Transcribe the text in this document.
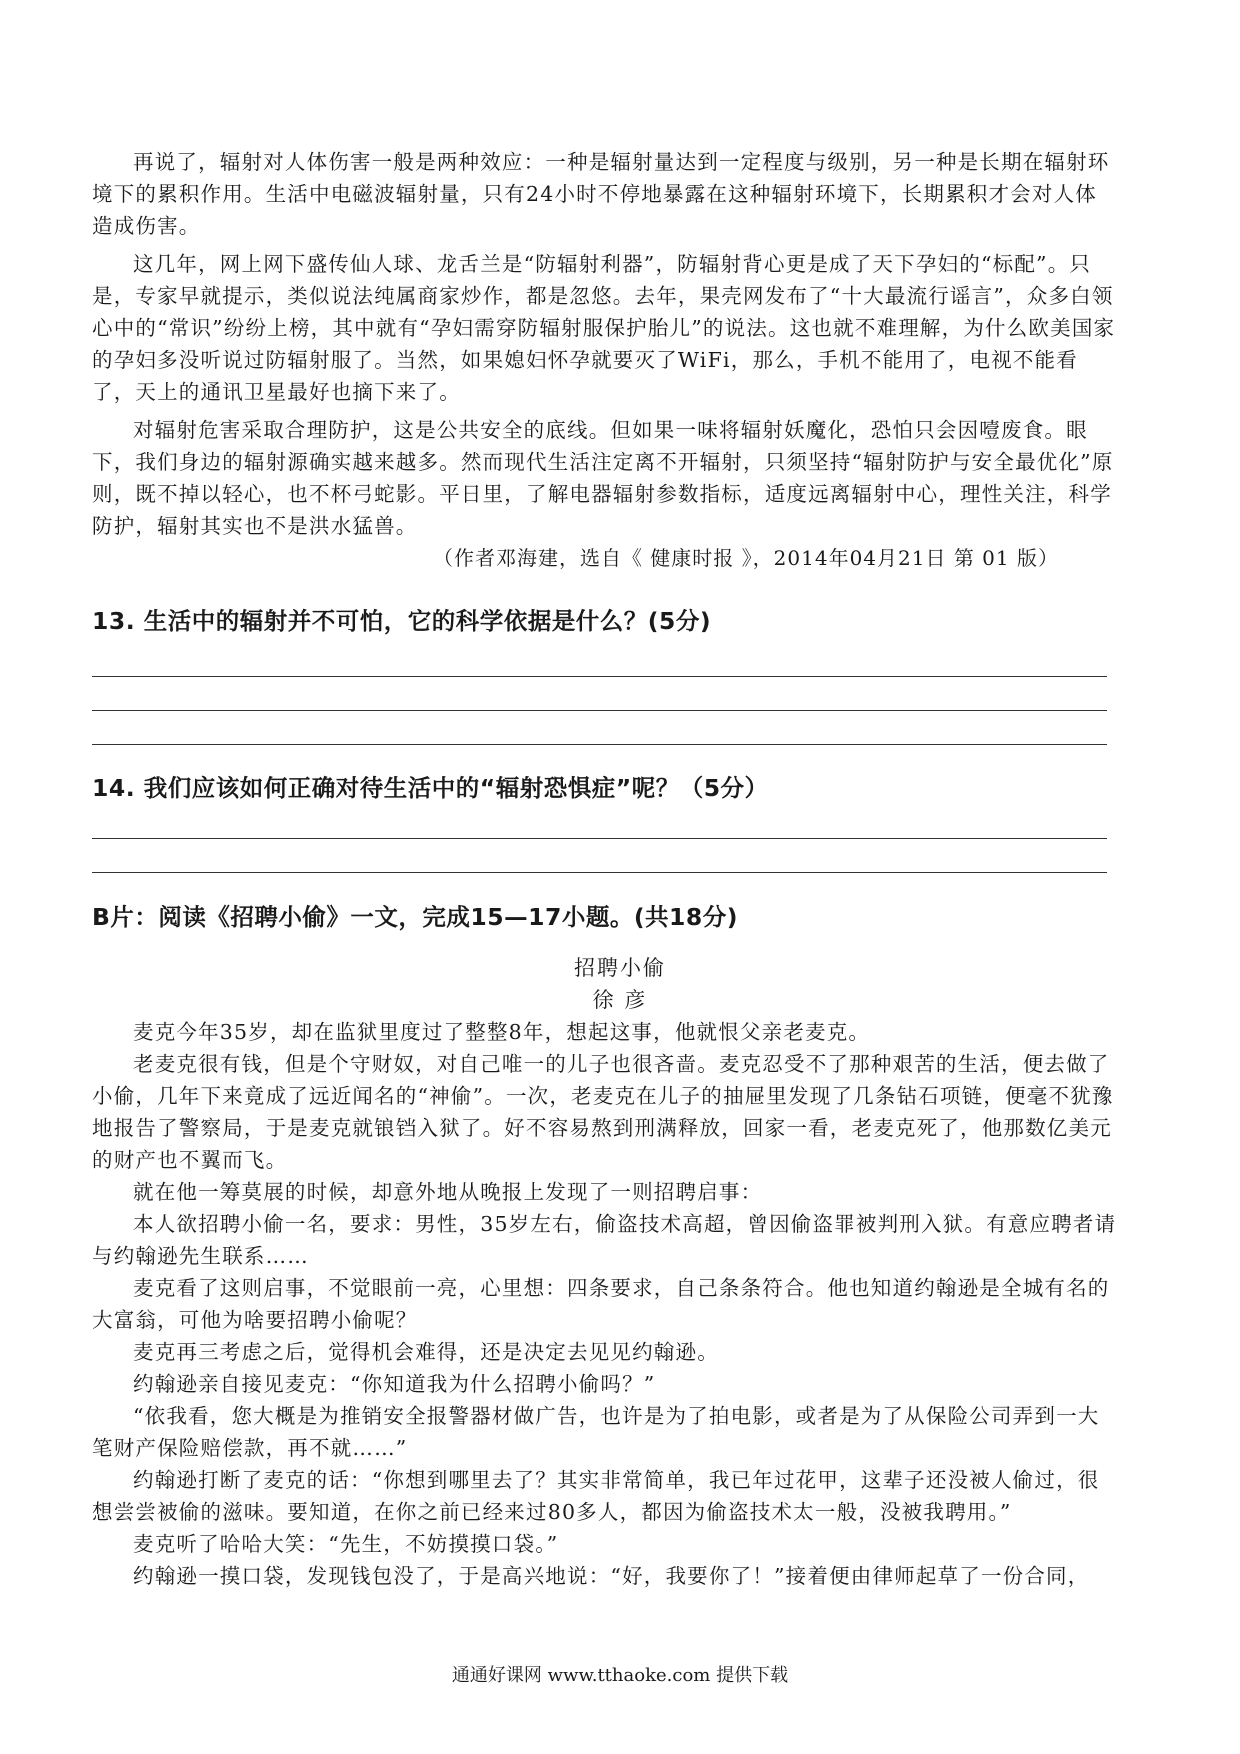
再说了，辐射对人体伤害一般是两种效应：一种是辐射量达到一定程度与级别，另一种是长期在辐射环境下的累积作用。生活中电磁波辐射量，只有24小时不停地暴露在这种辐射环境下，长期累积才会对人体造成伤害。

这几年，网上网下盛传仙人球、龙舌兰是“防辐射利器”，防辐射背心更是成了天下孕妇的“标配”。只是，专家早就提示，类似说法纯属商家炒作，都是忽悠。去年，果壳网发布了“十大最流行谣言”，众多白领心中的“常识”纷纷上榜，其中就有“孕妇需穿防辐射服保护胎儿”的说法。这也就不难理解，为什么欧美国家的孕妇多没听说过防辐射服了。当然，如果媳妇怀孕就要灭了WiFi，那么，手机不能用了，电视不能看了，天上的通讯卫星最好也摘下来了。

对辐射危害采取合理防护，这是公共安全的底线。但如果一味将辐射妖魔化，恐怕只会因噎废食。眼下，我们身边的辐射源确实越来越多。然而现代生活注定离不开辐射，只须坚持“辐射防护与安全最优化”原则，既不掉以轻心，也不杯弓蛇影。平日里，了解电器辐射参数指标，适度远离辐射中心，理性关注，科学防护，辐射其实也不是洪水猛兽。

（作者邓海建，选自《 健康时报 》，2014年04月21日 第 01 版）

13. 生活中的辐射并不可怕，它的科学依据是什么？(5分)

14. 我们应该如何正确对待生活中的“辐射恐惧症”呢？（5分）

B片：阅读《招聘小偷》一文，完成15—17小题。(共18分)

招聘小偷

徐 彦

麦克今年35岁，却在监狱里度过了整整8年，想起这事，他就恨父亲老麦克。

老麦克很有钱，但是个守财奴，对自己唯一的儿子也很吝啬。麦克忍受不了那种艰苦的生活，便去做了小偷，几年下来竟成了远近闻名的“神偷”。一次，老麦克在儿子的抽屉里发现了几条钻石项链，便毫不犹豫地报告了警察局，于是麦克就锒铛入狱了。好不容易熬到刑满释放，回家一看，老麦克死了，他那数亿美元的财产也不翼而飞。

就在他一筹莫展的时候，却意外地从晚报上发现了一则招聘启事：

本人欲招聘小偷一名，要求：男性，35岁左右，偷盗技术高超，曾因偷盗罪被判刑入狱。有意应聘者请与约翰逊先生联系……

麦克看了这则启事，不觉眼前一亮，心里想：四条要求，自己条条符合。他也知道约翰逊是全城有名的大富翁，可他为啥要招聘小偷呢？

麦克再三考虑之后，觉得机会难得，还是决定去见见约翰逊。

约翰逊亲自接见麦克：“你知道我为什么招聘小偷吗？”

“依我看，您大概是为推销安全报警器材做广告，也许是为了拍电影，或者是为了从保险公司弄到一大笔财产保险赔偿款，再不就……”

约翰逊打断了麦克的话：“你想到哪里去了？其实非常简单，我已年过花甲，这辈子还没被人偷过，很想尝尝被偷的滋味。要知道，在你之前已经来过80多人，都因为偷盗技术太一般，没被我聘用。”

麦克听了哈哈大笑：“先生，不妨摸摸口袋。”

约翰逊一摸口袋，发现钱包没了，于是高兴地说：“好，我要你了！”接着便由律师起草了一份合同，

通通好课网 www.tthaoke.com 提供下载
